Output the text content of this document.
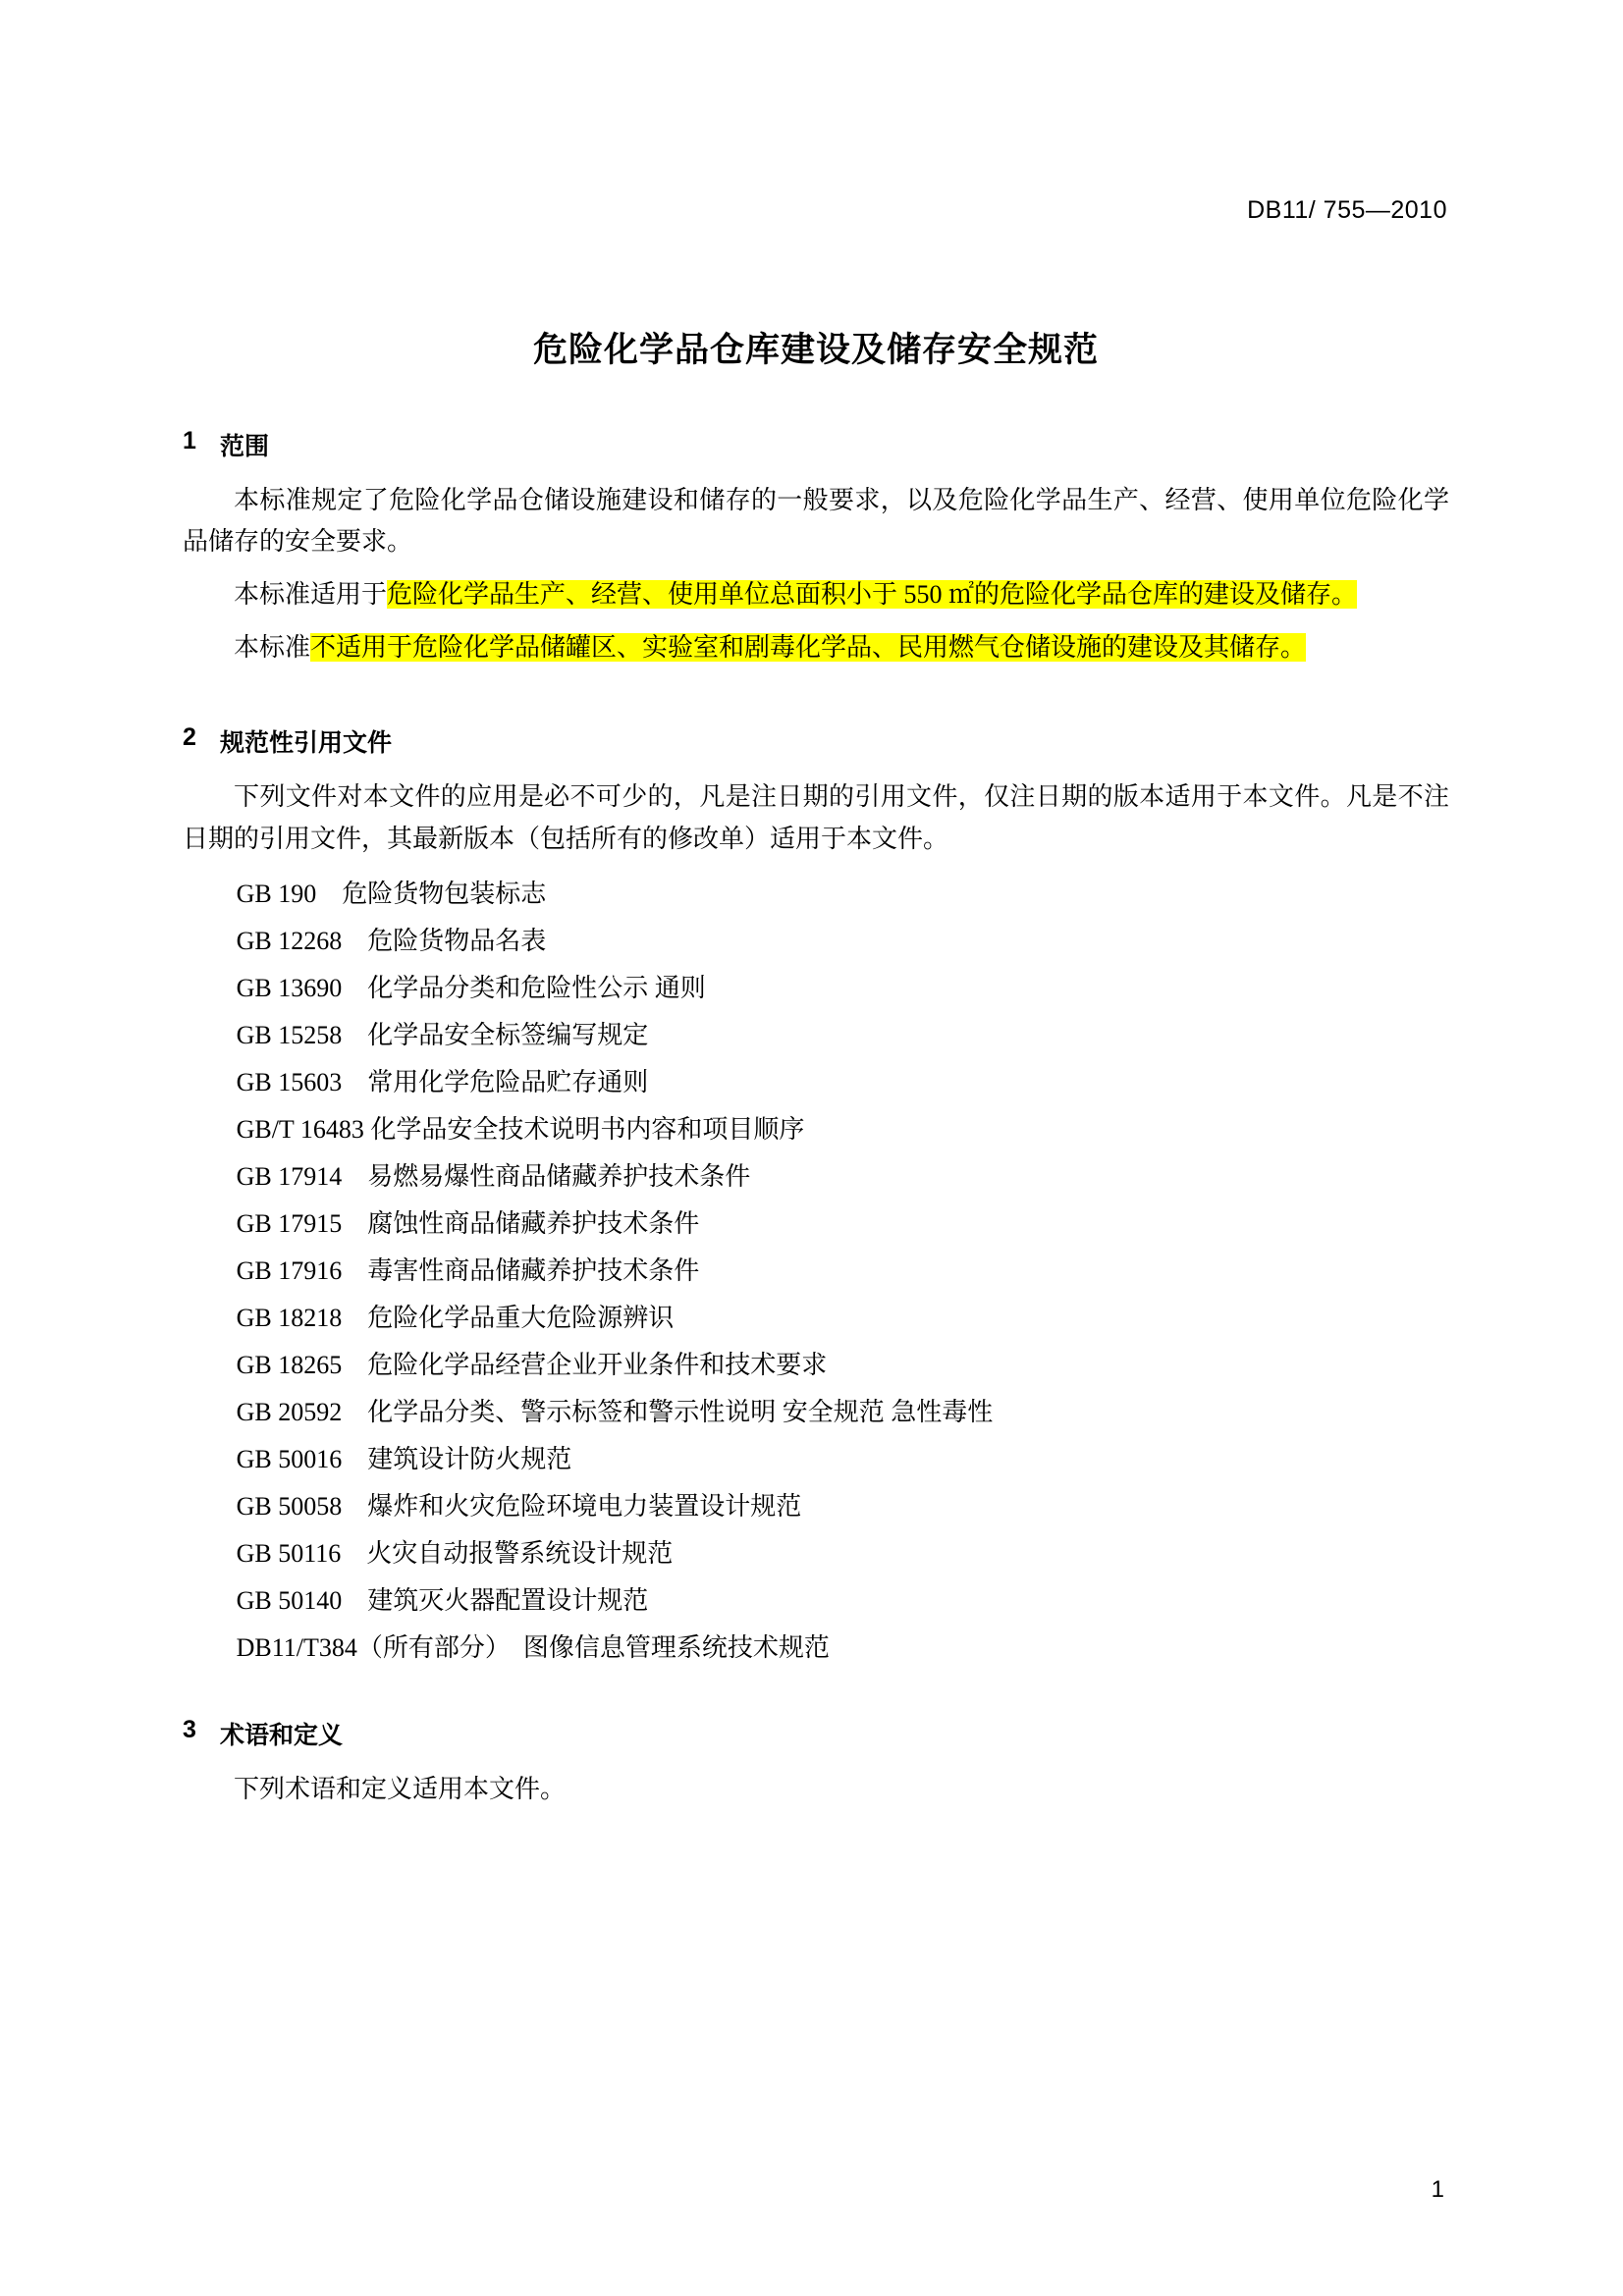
DB11/ 755—2010
危险化学品仓库建设及储存安全规范
1 范围

本标准规定了危险化学品仓储设施建设和储存的一般要求，以及危险化学品生产、经营、使用单位危险化学品储存的安全要求。

本标准适用于危险化学品生产、经营、使用单位总面积小于 550 ㎡的危险化学品仓库的建设及储存。

本标准不适用于危险化学品储罐区、实验室和剧毒化学品、民用燃气仓储设施的建设及其储存。

2 规范性引用文件

下列文件对本文件的应用是必不可少的，凡是注日期的引用文件，仅注日期的版本适用于本文件。凡是不注日期的引用文件，其最新版本（包括所有的修改单）适用于本文件。

GB 190　危险货物包装标志
GB 12268　危险货物品名表
GB 13690　化学品分类和危险性公示 通则
GB 15258　化学品安全标签编写规定
GB 15603　常用化学危险品贮存通则
GB/T 16483 化学品安全技术说明书内容和项目顺序
GB 17914　易燃易爆性商品储藏养护技术条件
GB 17915　腐蚀性商品储藏养护技术条件
GB 17916　毒害性商品储藏养护技术条件
GB 18218　危险化学品重大危险源辨识
GB 18265　危险化学品经营企业开业条件和技术要求
GB 20592　化学品分类、警示标签和警示性说明 安全规范 急性毒性
GB 50016　建筑设计防火规范
GB 50058　爆炸和火灾危险环境电力装置设计规范
GB 50116　火灾自动报警系统设计规范
GB 50140　建筑灭火器配置设计规范
DB11/T384（所有部分）　图像信息管理系统技术规范
3 术语和定义

下列术语和定义适用本文件。

1
